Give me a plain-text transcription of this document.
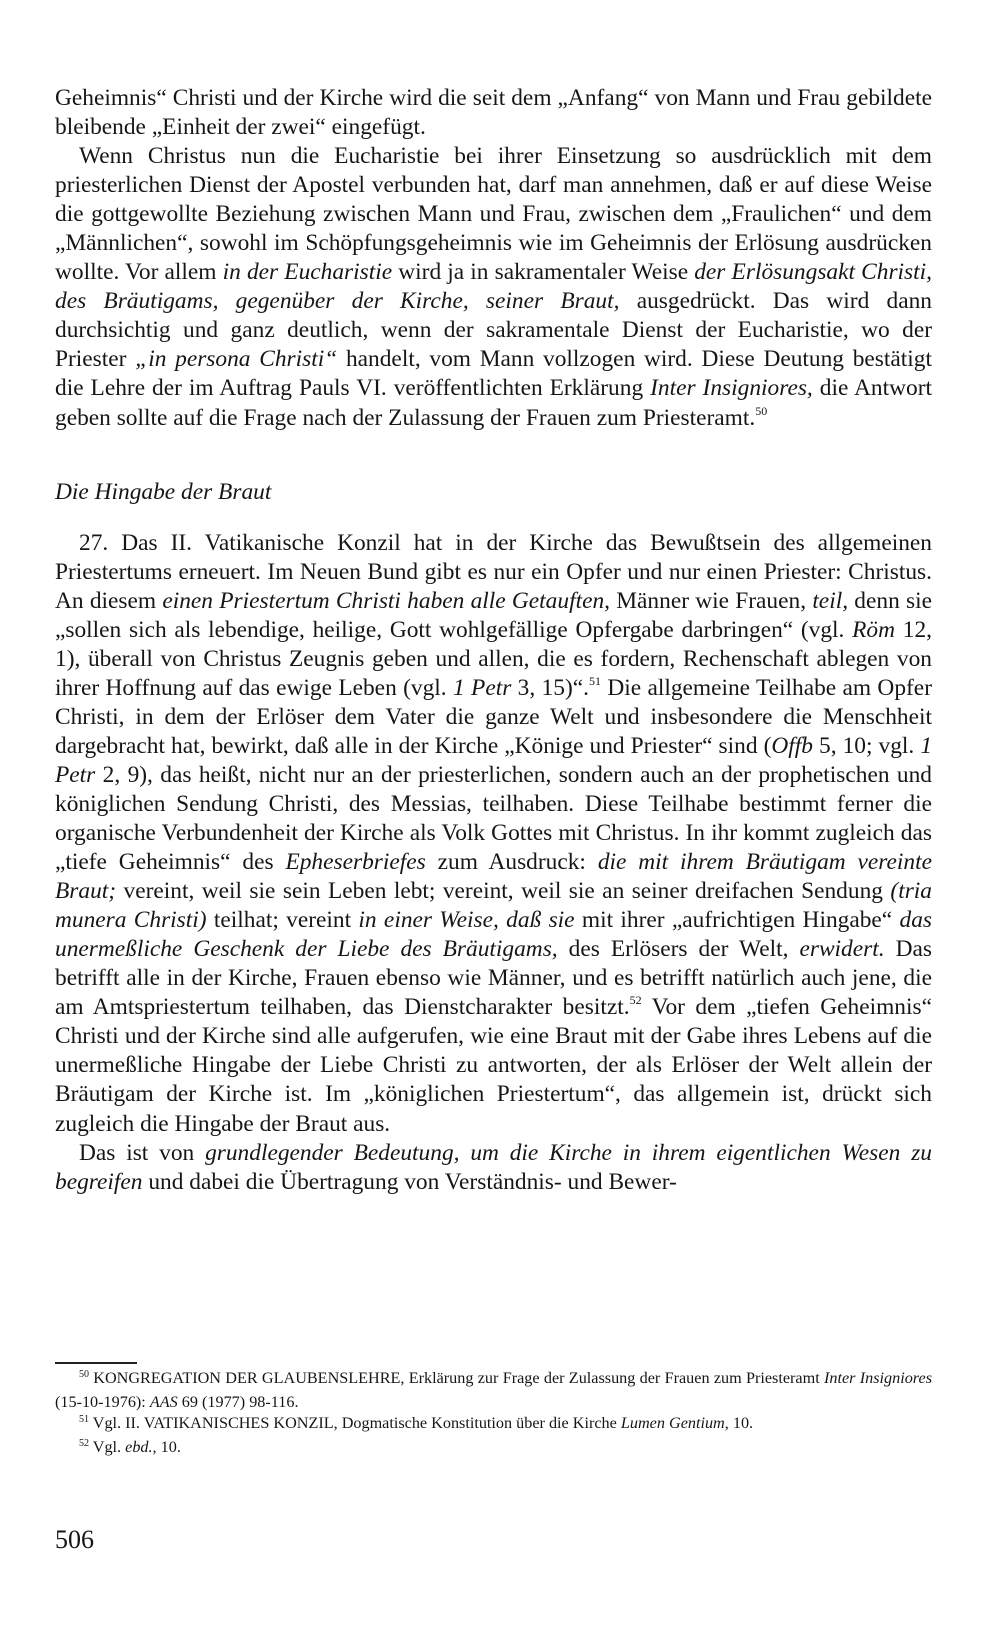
Geheimnis“ Christi und der Kirche wird die seit dem „Anfang“ von Mann und Frau gebildete bleibende „Einheit der zwei“ eingefügt.

Wenn Christus nun die Eucharistie bei ihrer Einsetzung so ausdrücklich mit dem priesterlichen Dienst der Apostel verbunden hat, darf man annehmen, daß er auf diese Weise die gottgewollte Beziehung zwischen Mann und Frau, zwischen dem „Fraulichen“ und dem „Männlichen“, sowohl im Schöpfungsgeheimnis wie im Geheimnis der Erlösung ausdrücken wollte. Vor allem in der Eucharistie wird ja in sakramentaler Weise der Erlösungsakt Christi, des Bräutigams, gegenüber der Kirche, seiner Braut, ausgedrückt. Das wird dann durchsichtig und ganz deutlich, wenn der sakramentale Dienst der Eucharistie, wo der Priester „in persona Christi“ handelt, vom Mann vollzogen wird. Diese Deutung bestätigt die Lehre der im Auftrag Pauls VI. veröffentlichten Erklärung Inter Insigniores, die Antwort geben sollte auf die Frage nach der Zulassung der Frauen zum Priesteramt.$^{50}$

Die Hingabe der Braut

27. Das II. Vatikanische Konzil hat in der Kirche das Bewußtsein des allgemeinen Priestertums erneuert. Im Neuen Bund gibt es nur ein Opfer und nur einen Priester: Christus. An diesem einen Priestertum Christi haben alle Getauften, Männer wie Frauen, teil, denn sie „sollen sich als lebendige, heilige, Gott wohlgefällige Opfergabe darbringen“ (vgl. Röm 12, 1), überall von Christus Zeugnis geben und allen, die es fordern, Rechenschaft ablegen von ihrer Hoffnung auf das ewige Leben (vgl. 1 Petr 3, 15)“.$^{51}$ Die allgemeine Teilhabe am Opfer Christi, in dem der Erlöser dem Vater die ganze Welt und insbesondere die Menschheit dargebracht hat, bewirkt, daß alle in der Kirche „Könige und Priester“ sind (Offb 5, 10; vgl. 1 Petr 2, 9), das heißt, nicht nur an der priesterlichen, sondern auch an der prophetischen und königlichen Sendung Christi, des Messias, teilhaben. Diese Teilhabe bestimmt ferner die organische Verbundenheit der Kirche als Volk Gottes mit Christus. In ihr kommt zugleich das „tiefe Geheimnis“ des Epheserbriefes zum Ausdruck: die mit ihrem Bräutigam vereinte Braut; vereint, weil sie sein Leben lebt; vereint, weil sie an seiner dreifachen Sendung (tria munera Christi) teilhat; vereint in einer Weise, daß sie mit ihrer „aufrichtigen Hingabe“ das unermeßliche Geschenk der Liebe des Bräutigams, des Erlösers der Welt, erwidert. Das betrifft alle in der Kirche, Frauen ebenso wie Männer, und es betrifft natürlich auch jene, die am Amtspriestertum teilhaben, das Dienstcharakter besitzt.$^{52}$ Vor dem „tiefen Geheimnis“ Christi und der Kirche sind alle aufgerufen, wie eine Braut mit der Gabe ihres Lebens auf die unermeßliche Hingabe der Liebe Christi zu antworten, der als Erlöser der Welt allein der Bräutigam der Kirche ist. Im „königlichen Priestertum“, das allgemein ist, drückt sich zugleich die Hingabe der Braut aus.

Das ist von grundlegender Bedeutung, um die Kirche in ihrem eigentlichen Wesen zu begreifen und dabei die Übertragung von Verständnis- und Bewer-

$^{50}$ KONGREGATION DER GLAUBENSLEHRE, Erklärung zur Frage der Zulassung der Frauen zum Priesteramt Inter Insigniores (15-10-1976): AAS 69 (1977) 98-116.

$^{51}$ Vgl. II. VATIKANISCHES KONZIL, Dogmatische Konstitution über die Kirche Lumen Gentium, 10.

$^{52}$ Vgl. ebd., 10.

506
